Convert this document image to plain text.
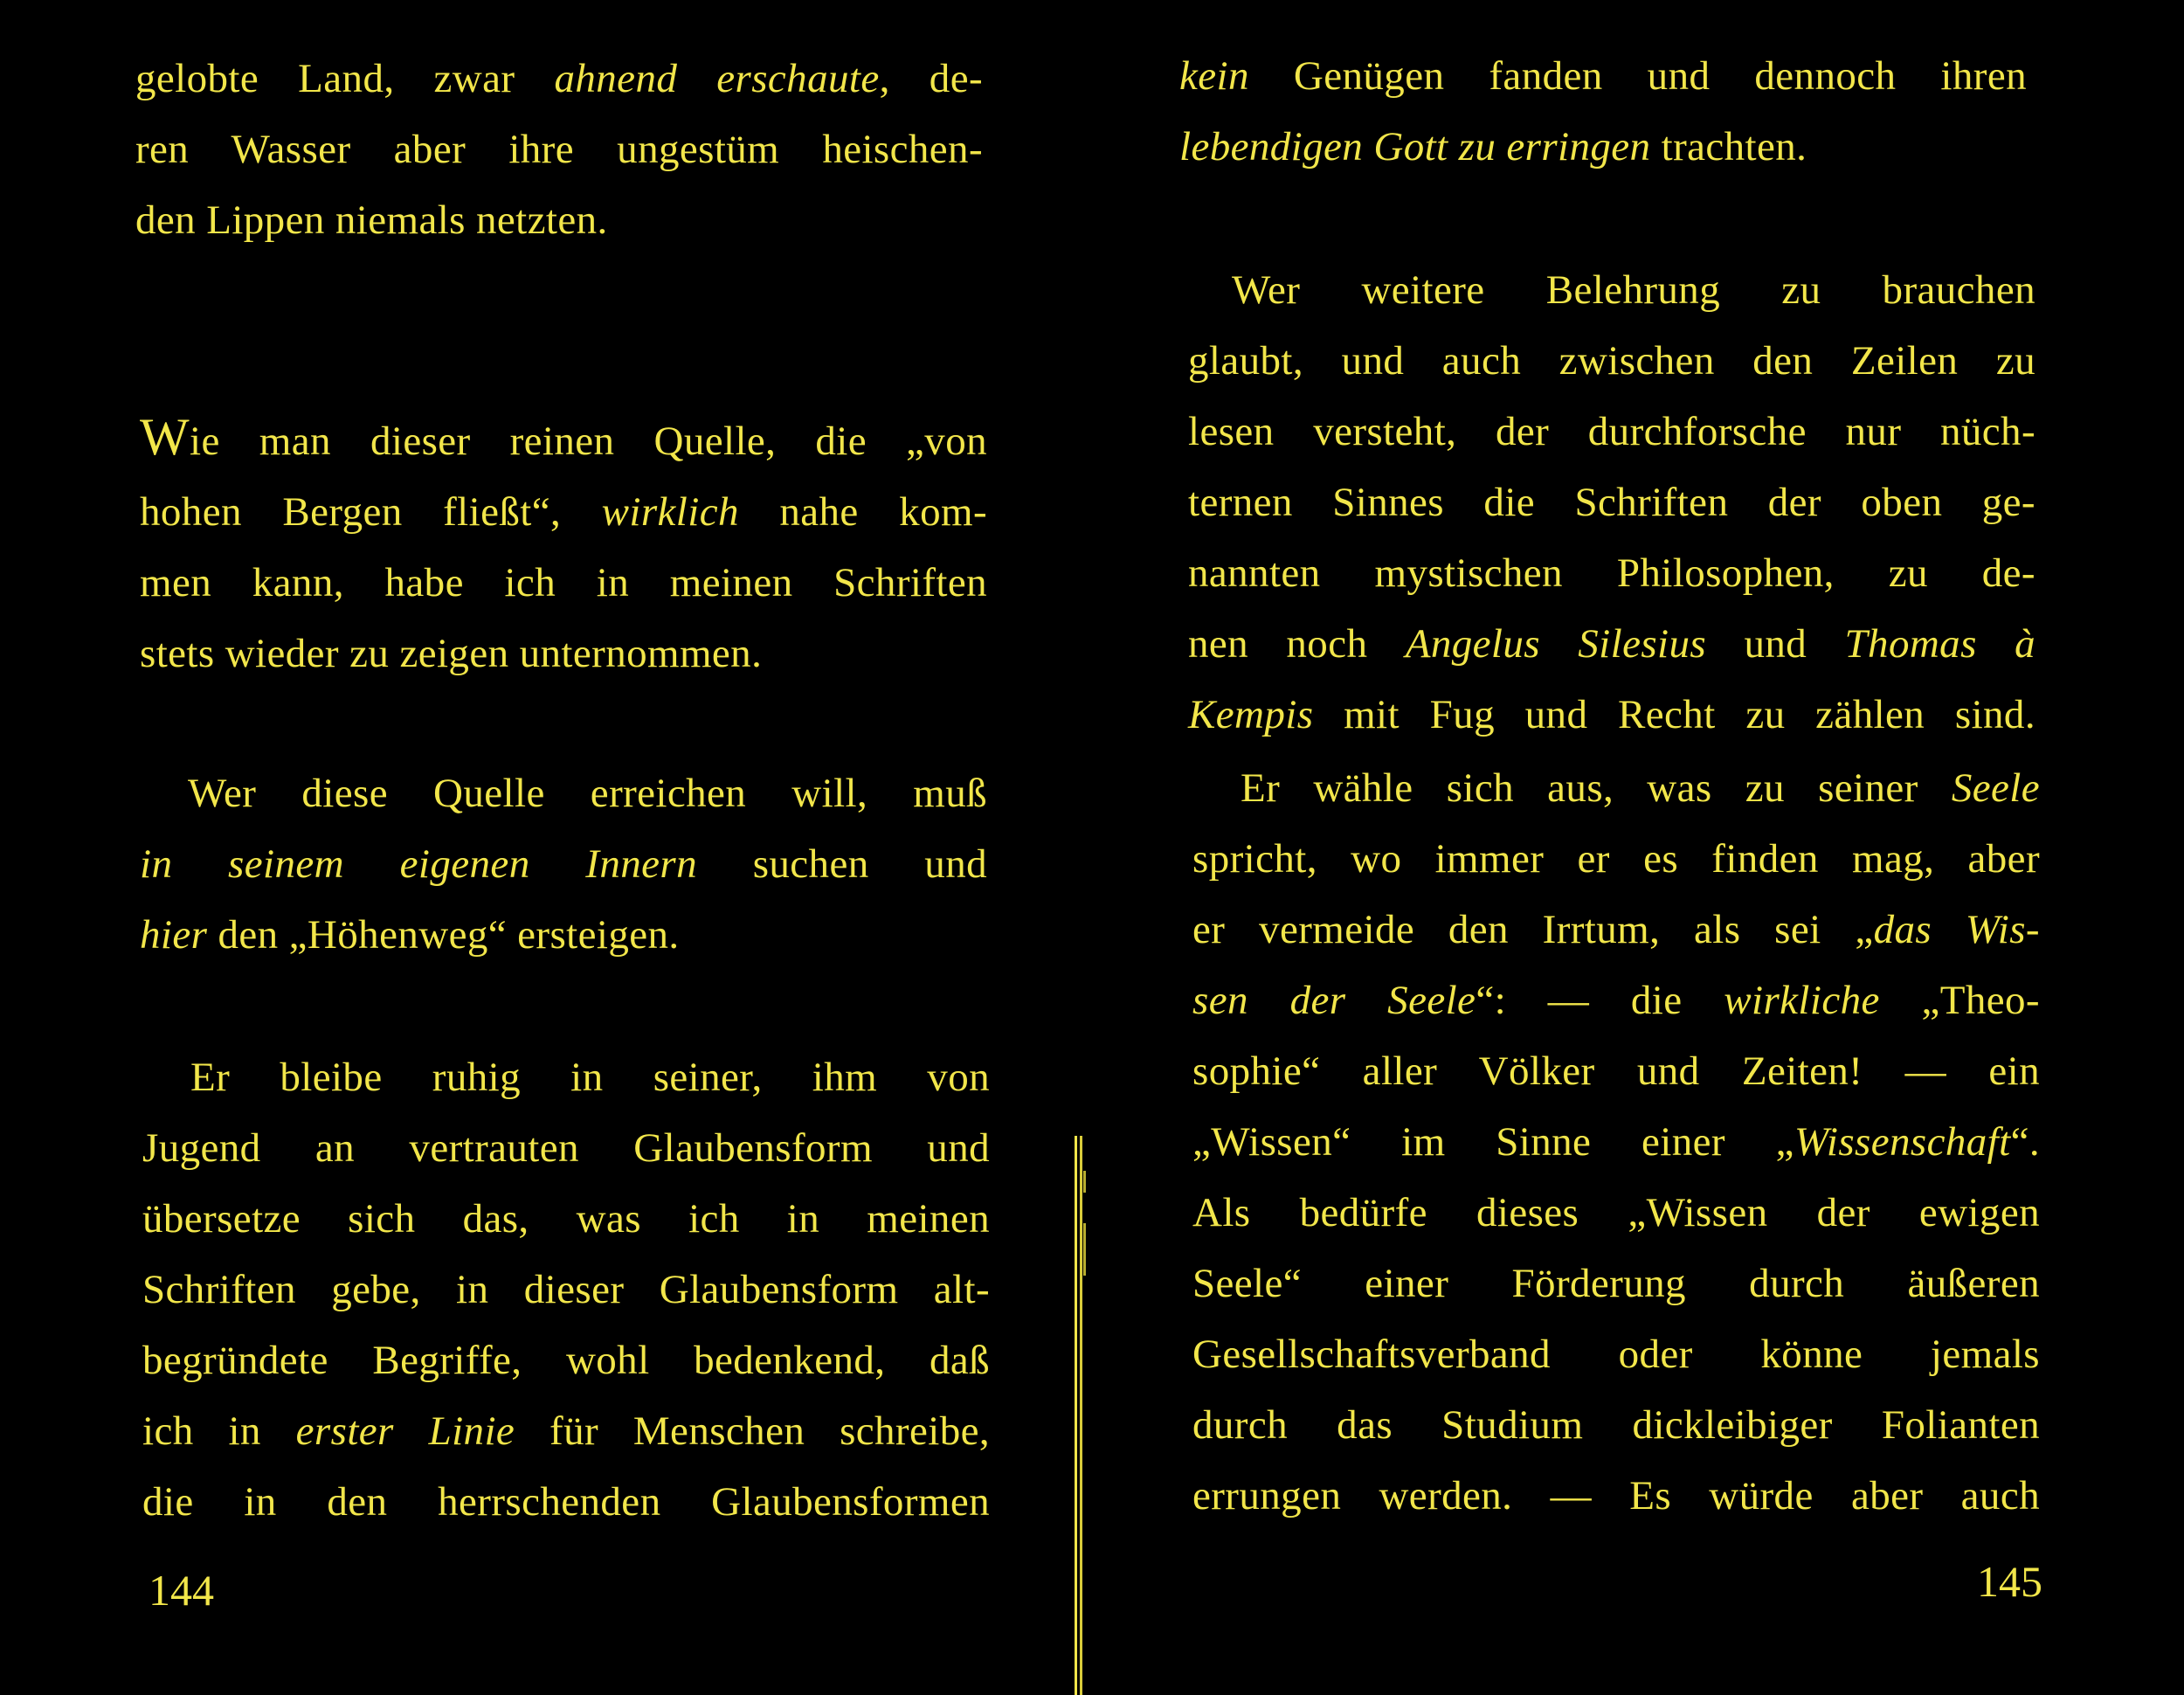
gelobte Land, zwar ahnend erschaute, de-
ren Wasser aber ihre ungestüm heischen-
den Lippen niemals netzten.
Wie man dieser reinen Quelle, die „von
hohen Bergen fließt“, wirklich nahe kom-
men kann, habe ich in meinen Schriften
stets wieder zu zeigen unternommen.
Wer diese Quelle erreichen will, muß
in seinem eigenen Innern suchen und
hier den „Höhenweg“ ersteigen.
Er bleibe ruhig in seiner, ihm von
Jugend an vertrauten Glaubensform und
übersetze sich das, was ich in meinen
Schriften gebe, in dieser Glaubensform alt-
begründete Begriffe, wohl bedenkend, daß
ich in erster Linie für Menschen schreibe,
die in den herrschenden Glaubensformen
144
kein Genügen fanden und dennoch ihren
lebendigen Gott zu erringen trachten.
Wer weitere Belehrung zu brauchen
glaubt, und auch zwischen den Zeilen zu
lesen versteht, der durchforsche nur nüch-
ternen Sinnes die Schriften der oben ge-
nannten mystischen Philosophen, zu de-
nen noch Angelus Silesius und Thomas à
Kempis mit Fug und Recht zu zählen sind.
Er wähle sich aus, was zu seiner Seele
spricht, wo immer er es finden mag, aber
er vermeide den Irrtum, als sei „das Wis-
sen der Seele“: — die wirkliche „Theo-
sophie“ aller Völker und Zeiten! — ein
„Wissen“ im Sinne einer „Wissenschaft“.
Als bedürfe dieses „Wissen der ewigen
Seele“ einer Förderung durch äußeren
Gesellschaftsverband oder könne jemals
durch das Studium dickleibiger Folianten
errungen werden. — Es würde aber auch
145
